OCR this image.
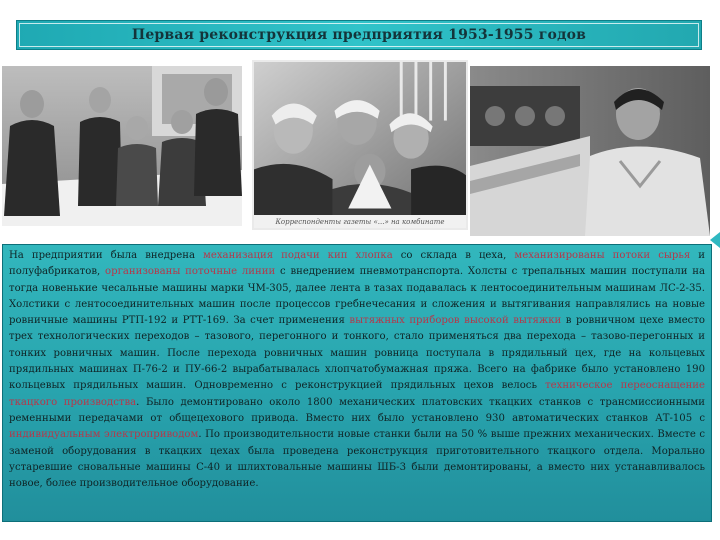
Первая реконструкция предприятия 1953-1955 годов
Корреспонденты газеты «...» на комбинате

На предприятии была внедрена механизация подачи кип хлопка со склада в цеха, механизированы потоки сырья и полуфабрикатов, организованы поточные линии с внедрением пневмотранспорта. Холсты с трепальных машин поступали на тогда новенькие чесальные машины марки ЧМ-305, далее лента в тазах подавалась к лентосоединительным машинам ЛС-2-35. Холстики с лентосоединительных машин после процессов гребнечесания и сложения и вытягивания направлялись на новые ровничные машины РТП-192 и РТТ-169. За счет применения вытяжных приборов высокой вытяжки в ровничном цехе вместо трех технологических переходов – тазового, перегонного и тонкого, стало применяться два перехода – тазово-перегонных и тонких ровничных машин. После перехода ровничных машин ровница поступала в прядильный цех, где на кольцевых прядильных машинах П-76-2 и ПУ-66-2 вырабатывалась хлопчатобумажная пряжа. Всего на фабрике было установлено 190 кольцевых прядильных машин. Одновременно с реконструкцией прядильных цехов велось техническое переоснащение ткацкого производства. Было демонтировано около 1800 механических платовских ткацких станков с трансмиссионными ременными передачами от общецехового привода. Вместо них было установлено 930 автоматических станков АТ-105 с индивидуальным электроприводом. По производительности новые станки были на 50 % выше прежних механических. Вместе с заменой оборудования в ткацких цехах была проведена реконструкция приготовительного ткацкого отдела. Морально устаревшие сновальные машины С-40 и шлихтовальные машины ШБ-3 были демонтированы, а вместо них устанавливалось новое, более производительное оборудование.
